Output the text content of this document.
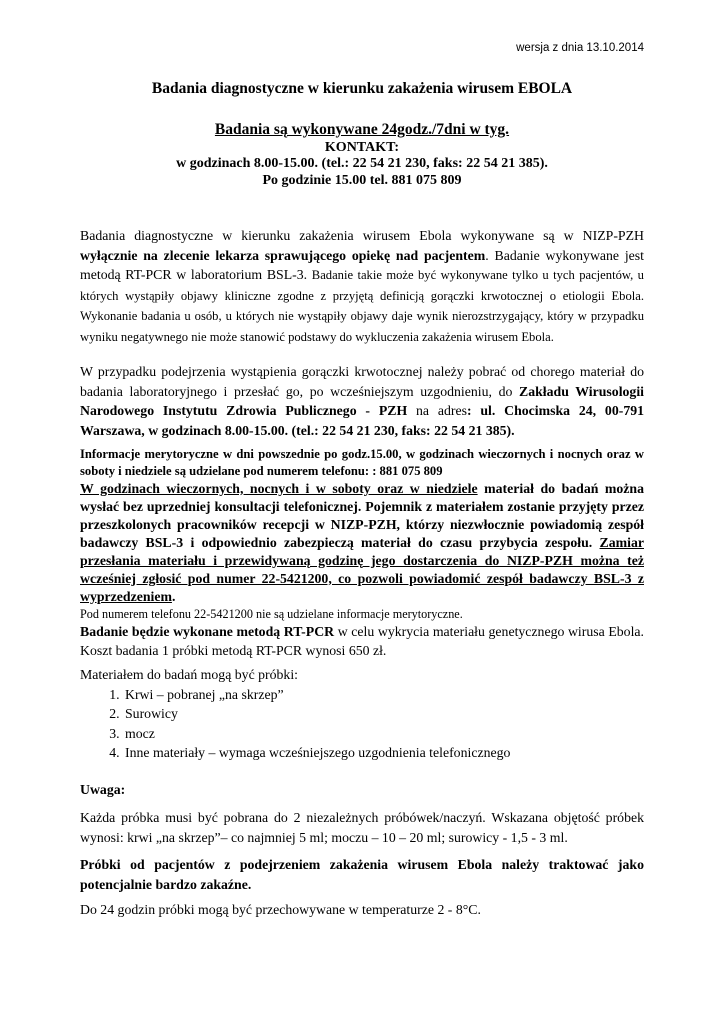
wersja z dnia 13.10.2014
Badania diagnostyczne w kierunku zakażenia wirusem EBOLA
Badania są wykonywane 24godz./7dni w tyg.
KONTAKT:
w godzinach 8.00-15.00. (tel.: 22 54 21 230, faks: 22 54 21 385).
Po godzinie 15.00 tel. 881 075 809
Badania diagnostyczne w kierunku zakażenia wirusem Ebola wykonywane są w NIZP-PZH wyłącznie na zlecenie lekarza sprawującego opiekę nad pacjentem. Badanie wykonywane jest metodą RT-PCR w laboratorium BSL-3. Badanie takie może być wykonywane tylko u tych pacjentów, u których wystąpiły objawy kliniczne zgodne z przyjętą definicją gorączki krwotocznej o etiologii Ebola. Wykonanie badania u osób, u których nie wystąpiły objawy daje wynik nierozstrzygający, który w przypadku wyniku negatywnego nie może stanowić podstawy do wykluczenia zakażenia wirusem Ebola.
W przypadku podejrzenia wystąpienia gorączki krwotocznej należy pobrać od chorego materiał do badania laboratoryjnego i przesłać go, po wcześniejszym uzgodnieniu, do Zakładu Wirusologii Narodowego Instytutu Zdrowia Publicznego - PZH na adres: ul. Chocimska 24, 00-791 Warszawa, w godzinach 8.00-15.00. (tel.: 22 54 21 230, faks: 22 54 21 385).
Informacje merytoryczne w dni powszednie po godz.15.00, w godzinach wieczornych i nocnych oraz w soboty i niedziele są udzielane pod numerem telefonu: : 881 075 809
W godzinach wieczornych, nocnych i w soboty oraz w niedziele materiał do badań można wysłać bez uprzedniej konsultacji telefonicznej. Pojemnik z materiałem zostanie przyjęty przez przeszkolonych pracowników recepcji w NIZP-PZH, którzy niezwłocznie powiadomią zespół badawczy BSL-3 i odpowiednio zabezpieczą materiał do czasu przybycia zespołu. Zamiar przesłania materiału i przewidywaną godzinę jego dostarczenia do NIZP-PZH można też wcześniej zgłosić pod numer 22-5421200, co pozwoli powiadomić zespół badawczy BSL-3 z wyprzedzeniem.
Pod numerem telefonu 22-5421200 nie są udzielane informacje merytoryczne.
Badanie będzie wykonane metodą RT-PCR w celu wykrycia materiału genetycznego wirusa Ebola. Koszt badania 1 próbki metodą RT-PCR wynosi 650 zł.
Materiałem do badań mogą być próbki:
1. Krwi – pobranej „na skrzep”
2. Surowicy
3. mocz
4. Inne materiały – wymaga wcześniejszego uzgodnienia telefonicznego
Uwaga:
Każda próbka musi być pobrana do 2 niezależnych próbówek/naczyń. Wskazana objętość próbek wynosi: krwi „na skrzep”– co najmniej 5 ml; moczu – 10 – 20 ml; surowicy - 1,5 - 3 ml.
Próbki od pacjentów z podejrzeniem zakażenia wirusem Ebola należy traktować jako potencjalnie bardzo zakaźne.
Do 24 godzin próbki mogą być przechowywane w temperaturze 2 - 8°C.
